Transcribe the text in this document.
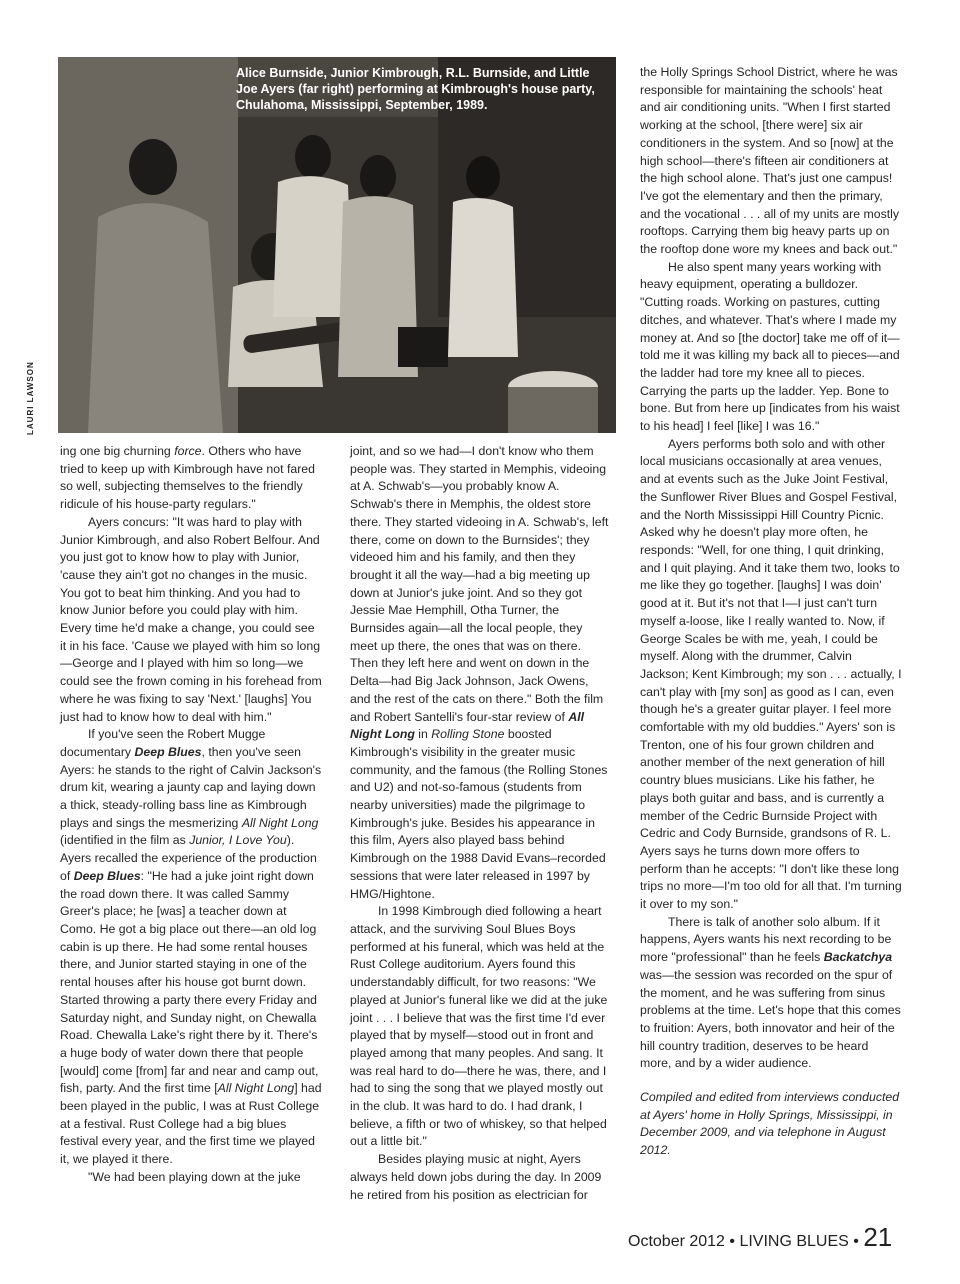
Alice Burnside, Junior Kimbrough, R.L. Burnside, and Little Joe Ayers (far right) performing at Kimbrough's house party, Chulahoma, Mississippi, September, 1989.
LAURI LAWSON

ing one big churning force. Others who have tried to keep up with Kimbrough have not fared so well, subjecting themselves to the friendly ridicule of his house-party regulars."

Ayers concurs: "It was hard to play with Junior Kimbrough, and also Robert Belfour. And you just got to know how to play with Junior, 'cause they ain't got no changes in the music. You got to beat him thinking. And you had to know Junior before you could play with him. Every time he'd make a change, you could see it in his face. 'Cause we played with him so long—George and I played with him so long—we could see the frown coming in his forehead from where he was fixing to say 'Next.' [laughs] You just had to know how to deal with him."

If you've seen the Robert Mugge documentary Deep Blues, then you've seen Ayers: he stands to the right of Calvin Jackson's drum kit, wearing a jaunty cap and laying down a thick, steady-rolling bass line as Kimbrough plays and sings the mesmerizing All Night Long (identified in the film as Junior, I Love You). Ayers recalled the experience of the production of Deep Blues: "He had a juke joint right down the road down there. It was called Sammy Greer's place; he [was] a teacher down at Como. He got a big place out there—an old log cabin is up there. He had some rental houses there, and Junior started staying in one of the rental houses after his house got burnt down. Started throwing a party there every Friday and Saturday night, and Sunday night, on Chewalla Road. Chewalla Lake's right there by it. There's a huge body of water down there that people [would] come [from] far and near and camp out, fish, party. And the first time [All Night Long] had been played in the public, I was at Rust College at a festival. Rust College had a big blues festival every year, and the first time we played it, we played it there.

"We had been playing down at the juke

joint, and so we had—I don't know who them people was. They started in Memphis, videoing at A. Schwab's—you probably know A. Schwab's there in Memphis, the oldest store there. They started videoing in A. Schwab's, left there, come on down to the Burnsides'; they videoed him and his family, and then they brought it all the way—had a big meeting up down at Junior's juke joint. And so they got Jessie Mae Hemphill, Otha Turner, the Burnsides again—all the local people, they meet up there, the ones that was on there. Then they left here and went on down in the Delta—had Big Jack Johnson, Jack Owens, and the rest of the cats on there." Both the film and Robert Santelli's four-star review of All Night Long in Rolling Stone boosted Kimbrough's visibility in the greater music community, and the famous (the Rolling Stones and U2) and not-so-famous (students from nearby universities) made the pilgrimage to Kimbrough's juke. Besides his appearance in this film, Ayers also played bass behind Kimbrough on the 1988 David Evans–recorded sessions that were later released in 1997 by HMG/Hightone.

In 1998 Kimbrough died following a heart attack, and the surviving Soul Blues Boys performed at his funeral, which was held at the Rust College auditorium. Ayers found this understandably difficult, for two reasons: "We played at Junior's funeral like we did at the juke joint . . . I believe that was the first time I'd ever played that by myself—stood out in front and played among that many peoples. And sang. It was real hard to do—there he was, there, and I had to sing the song that we played mostly out in the club. It was hard to do. I had drank, I believe, a fifth or two of whiskey, so that helped out a little bit."

Besides playing music at night, Ayers always held down jobs during the day. In 2009 he retired from his position as electrician for

the Holly Springs School District, where he was responsible for maintaining the schools' heat and air conditioning units. "When I first started working at the school, [there were] six air conditioners in the system. And so [now] at the high school—there's fifteen air conditioners at the high school alone. That's just one campus! I've got the elementary and then the primary, and the vocational . . . all of my units are mostly rooftops. Carrying them big heavy parts up on the rooftop done wore my knees and back out."

He also spent many years working with heavy equipment, operating a bulldozer. "Cutting roads. Working on pastures, cutting ditches, and whatever. That's where I made my money at. And so [the doctor] take me off of it—told me it was killing my back all to pieces—and the ladder had tore my knee all to pieces. Carrying the parts up the ladder. Yep. Bone to bone. But from here up [indicates from his waist to his head] I feel [like] I was 16."

Ayers performs both solo and with other local musicians occasionally at area venues, and at events such as the Juke Joint Festival, the Sunflower River Blues and Gospel Festival, and the North Mississippi Hill Country Picnic. Asked why he doesn't play more often, he responds: "Well, for one thing, I quit drinking, and I quit playing. And it take them two, looks to me like they go together. [laughs] I was doin' good at it. But it's not that I—I just can't turn myself a-loose, like I really wanted to. Now, if George Scales be with me, yeah, I could be myself. Along with the drummer, Calvin Jackson; Kent Kimbrough; my son . . . actually, I can't play with [my son] as good as I can, even though he's a greater guitar player. I feel more comfortable with my old buddies." Ayers' son is Trenton, one of his four grown children and another member of the next generation of hill country blues musicians. Like his father, he plays both guitar and bass, and is currently a member of the Cedric Burnside Project with Cedric and Cody Burnside, grandsons of R. L. Ayers says he turns down more offers to perform than he accepts: "I don't like these long trips no more—I'm too old for all that. I'm turning it over to my son."

There is talk of another solo album. If it happens, Ayers wants his next recording to be more "professional" than he feels Backatchya was—the session was recorded on the spur of the moment, and he was suffering from sinus problems at the time. Let's hope that this comes to fruition: Ayers, both innovator and heir of the hill country tradition, deserves to be heard more, and by a wider audience.

Compiled and edited from interviews conducted at Ayers' home in Holly Springs, Mississippi, in December 2009, and via telephone in August 2012.

October 2012 • LIVING BLUES • 21
